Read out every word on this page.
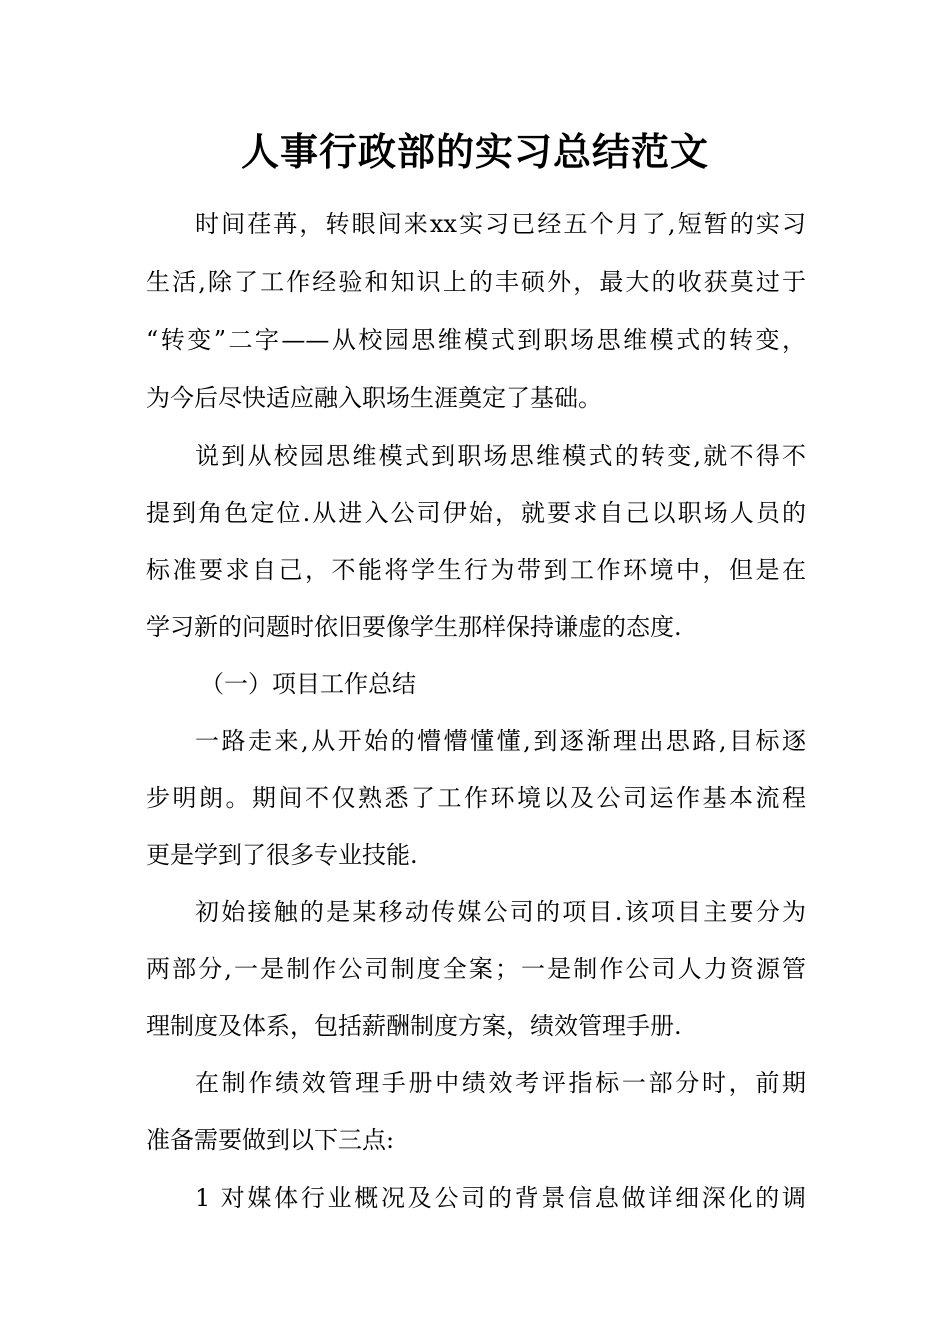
人事行政部的实习总结范文
时间荏苒，转眼间来xx实习已经五个月了,短暂的实习
生活,除了工作经验和知识上的丰硕外，最大的收获莫过于
“转变”二字——从校园思维模式到职场思维模式的转变，
为今后尽快适应融入职场生涯奠定了基础。
说到从校园思维模式到职场思维模式的转变,就不得不
提到角色定位.从进入公司伊始，就要求自己以职场人员的
标准要求自己，不能将学生行为带到工作环境中，但是在
学习新的问题时依旧要像学生那样保持谦虚的态度.
（一）项目工作总结
一路走来,从开始的懵懵懂懂,到逐渐理出思路,目标逐
步明朗。期间不仅熟悉了工作环境以及公司运作基本流程
更是学到了很多专业技能.
初始接触的是某移动传媒公司的项目.该项目主要分为
两部分,一是制作公司制度全案；一是制作公司人力资源管
理制度及体系，包括薪酬制度方案，绩效管理手册.
在制作绩效管理手册中绩效考评指标一部分时，前期
准备需要做到以下三点:
1 对媒体行业概况及公司的背景信息做详细深化的调
